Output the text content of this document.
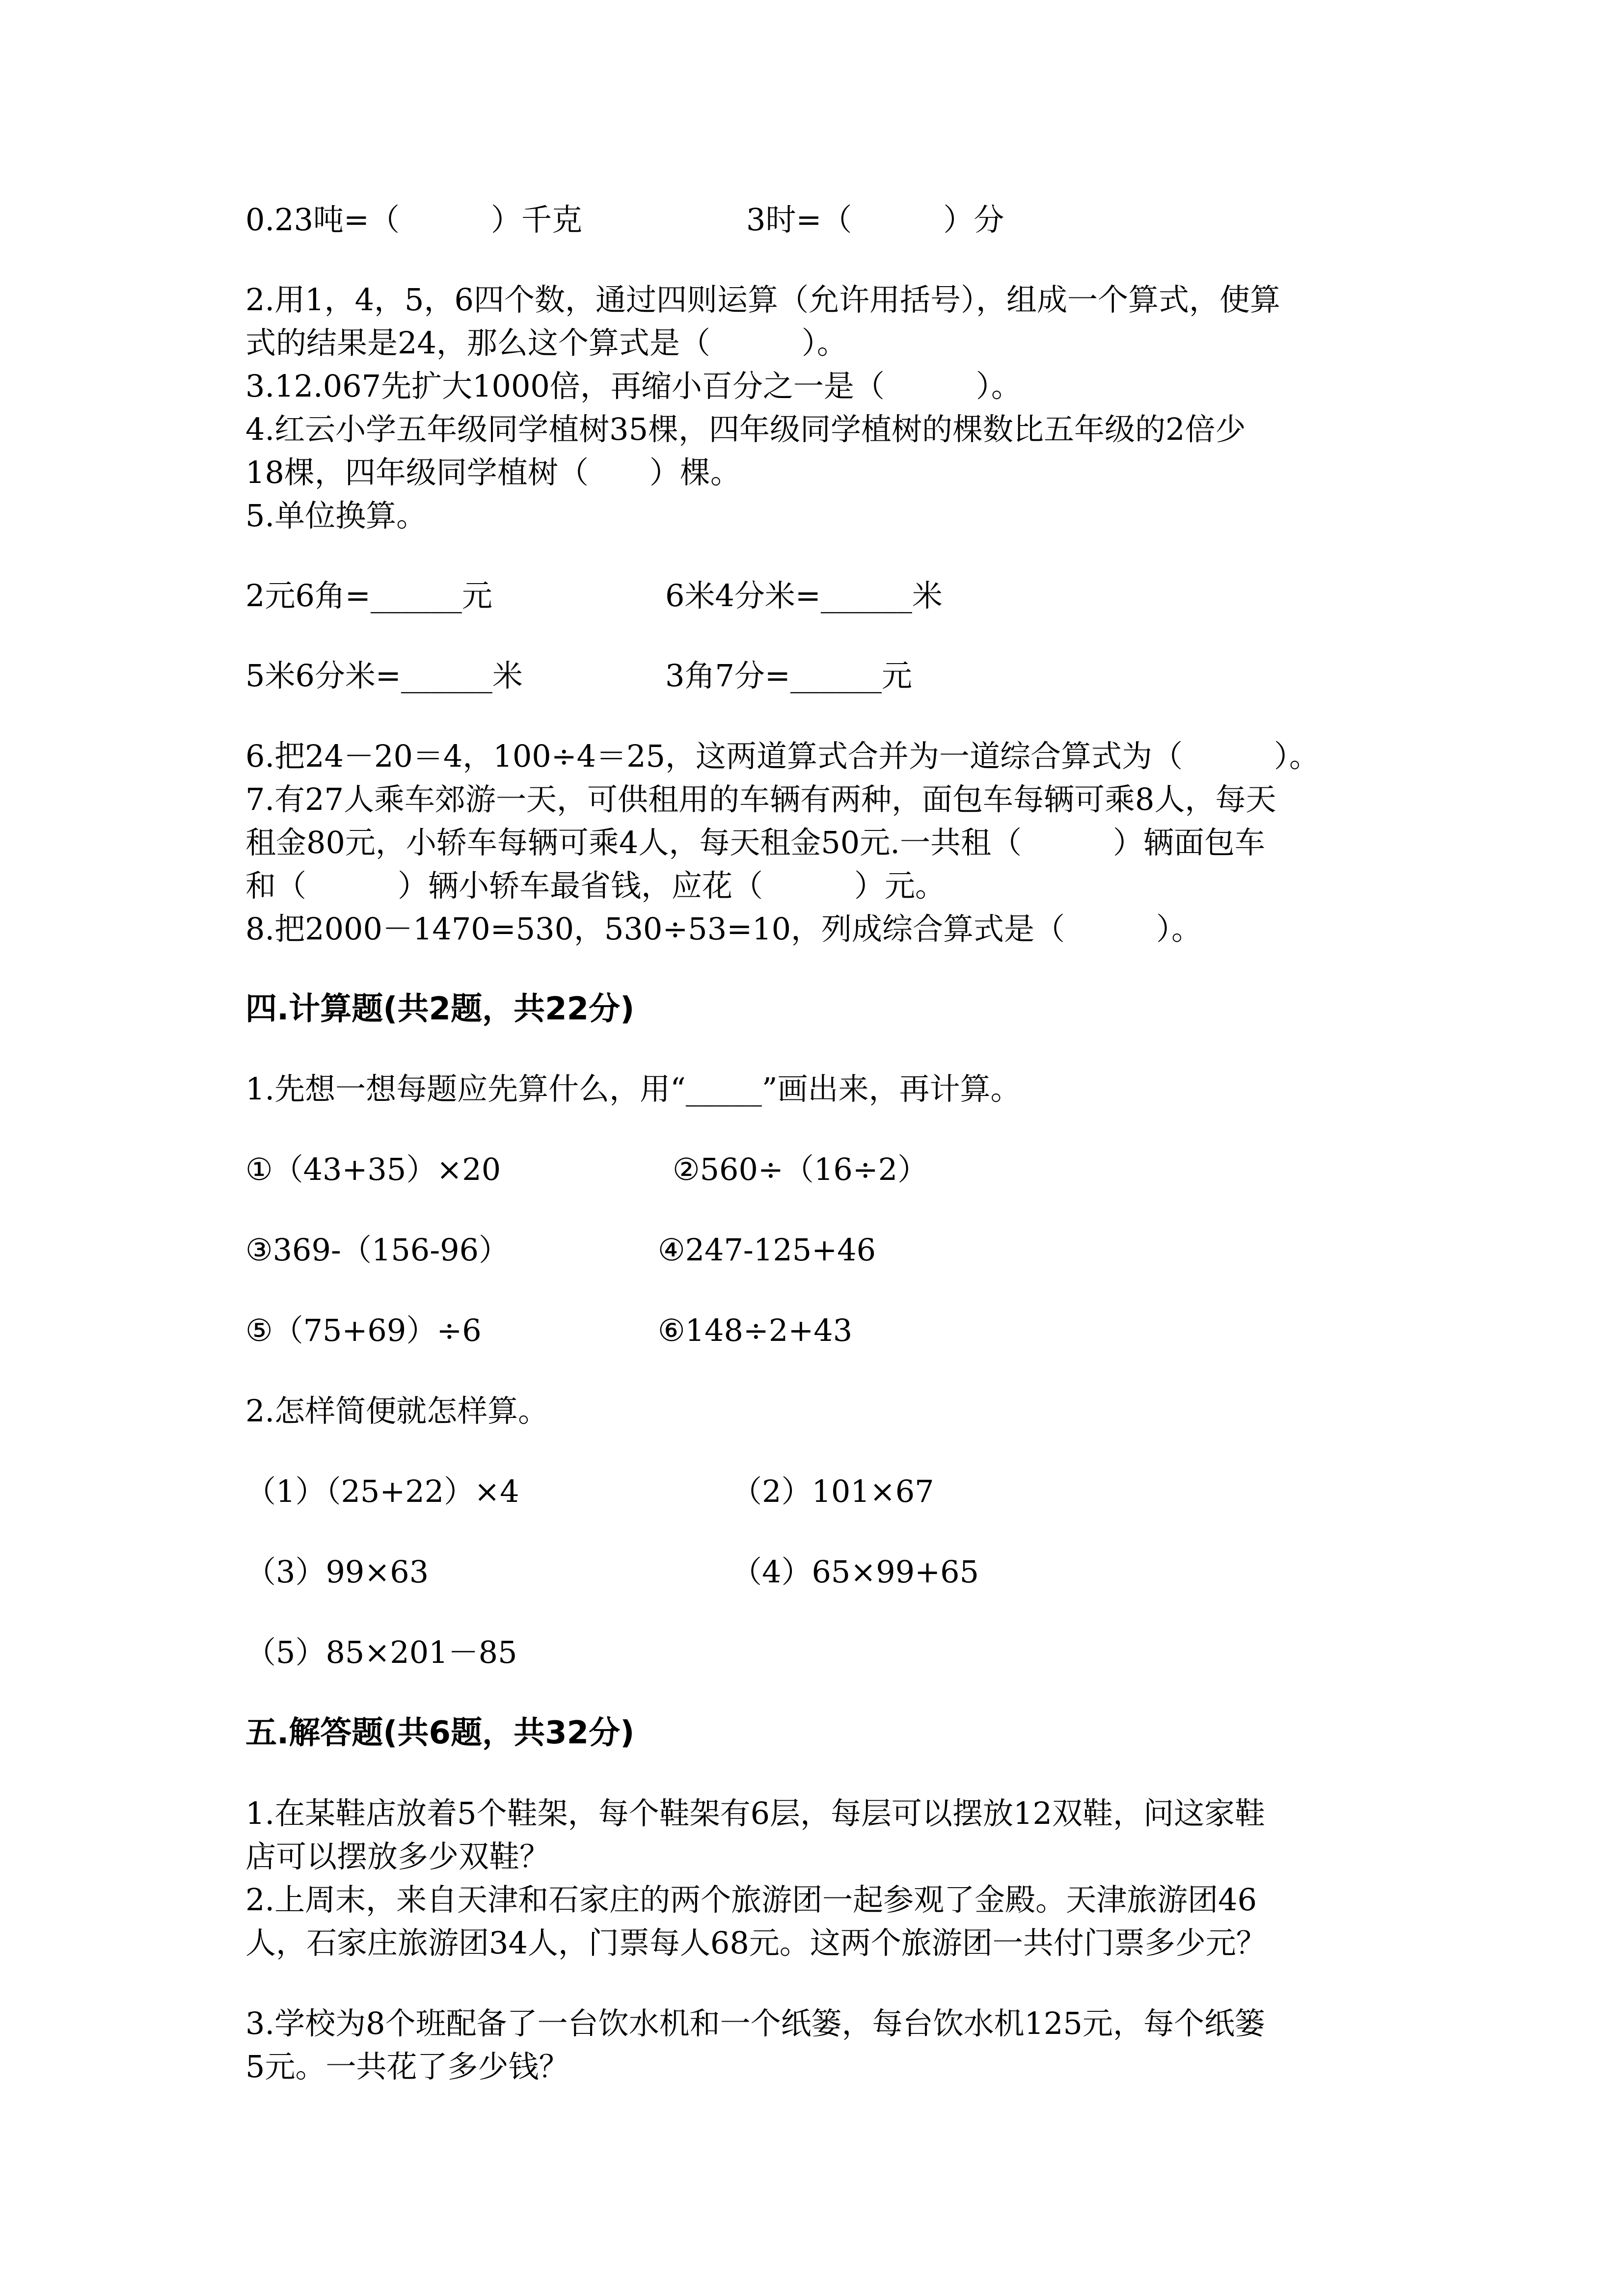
0.23吨=（　　　）千克	3时=（　　　）分
2.用1，4，5，6四个数，通过四则运算（允许用括号），组成一个算式，使算
式的结果是24，那么这个算式是（　　　）。
3.12.067先扩大1000倍，再缩小百分之一是（　　　）。
4.红云小学五年级同学植树35棵，四年级同学植树的棵数比五年级的2倍少
18棵，四年级同学植树（　　）棵。
5.单位换算。
2元6角=______元	6米4分米=______米
5米6分米=______米	3角7分=______元
6.把24－20＝4，100÷4＝25，这两道算式合并为一道综合算式为（　　　）。
7.有27人乘车郊游一天，可供租用的车辆有两种，面包车每辆可乘8人，每天
租金80元，小轿车每辆可乘4人，每天租金50元.一共租（　　　）辆面包车
和（　　　）辆小轿车最省钱，应花（　　　）元。
8.把2000－1470=530，530÷53=10，列成综合算式是（　　　）。
四.计算题(共2题，共22分)
1.先想一想每题应先算什么，用“_____”画出来，再计算。
①（43+35）×20	②560÷（16÷2）
③369-（156-96）	④247-125+46
⑤（75+69）÷6	⑥148÷2+43
2.怎样简便就怎样算。
（1）（25+22）×4	（2）101×67
（3）99×63	（4）65×99+65
（5）85×201－85
五.解答题(共6题，共32分)
1.在某鞋店放着5个鞋架，每个鞋架有6层，每层可以摆放12双鞋，问这家鞋
店可以摆放多少双鞋？
2.上周末，来自天津和石家庄的两个旅游团一起参观了金殿。天津旅游团46
人，石家庄旅游团34人，门票每人68元。这两个旅游团一共付门票多少元？
3.学校为8个班配备了一台饮水机和一个纸篓，每台饮水机125元，每个纸篓
5元。一共花了多少钱？
